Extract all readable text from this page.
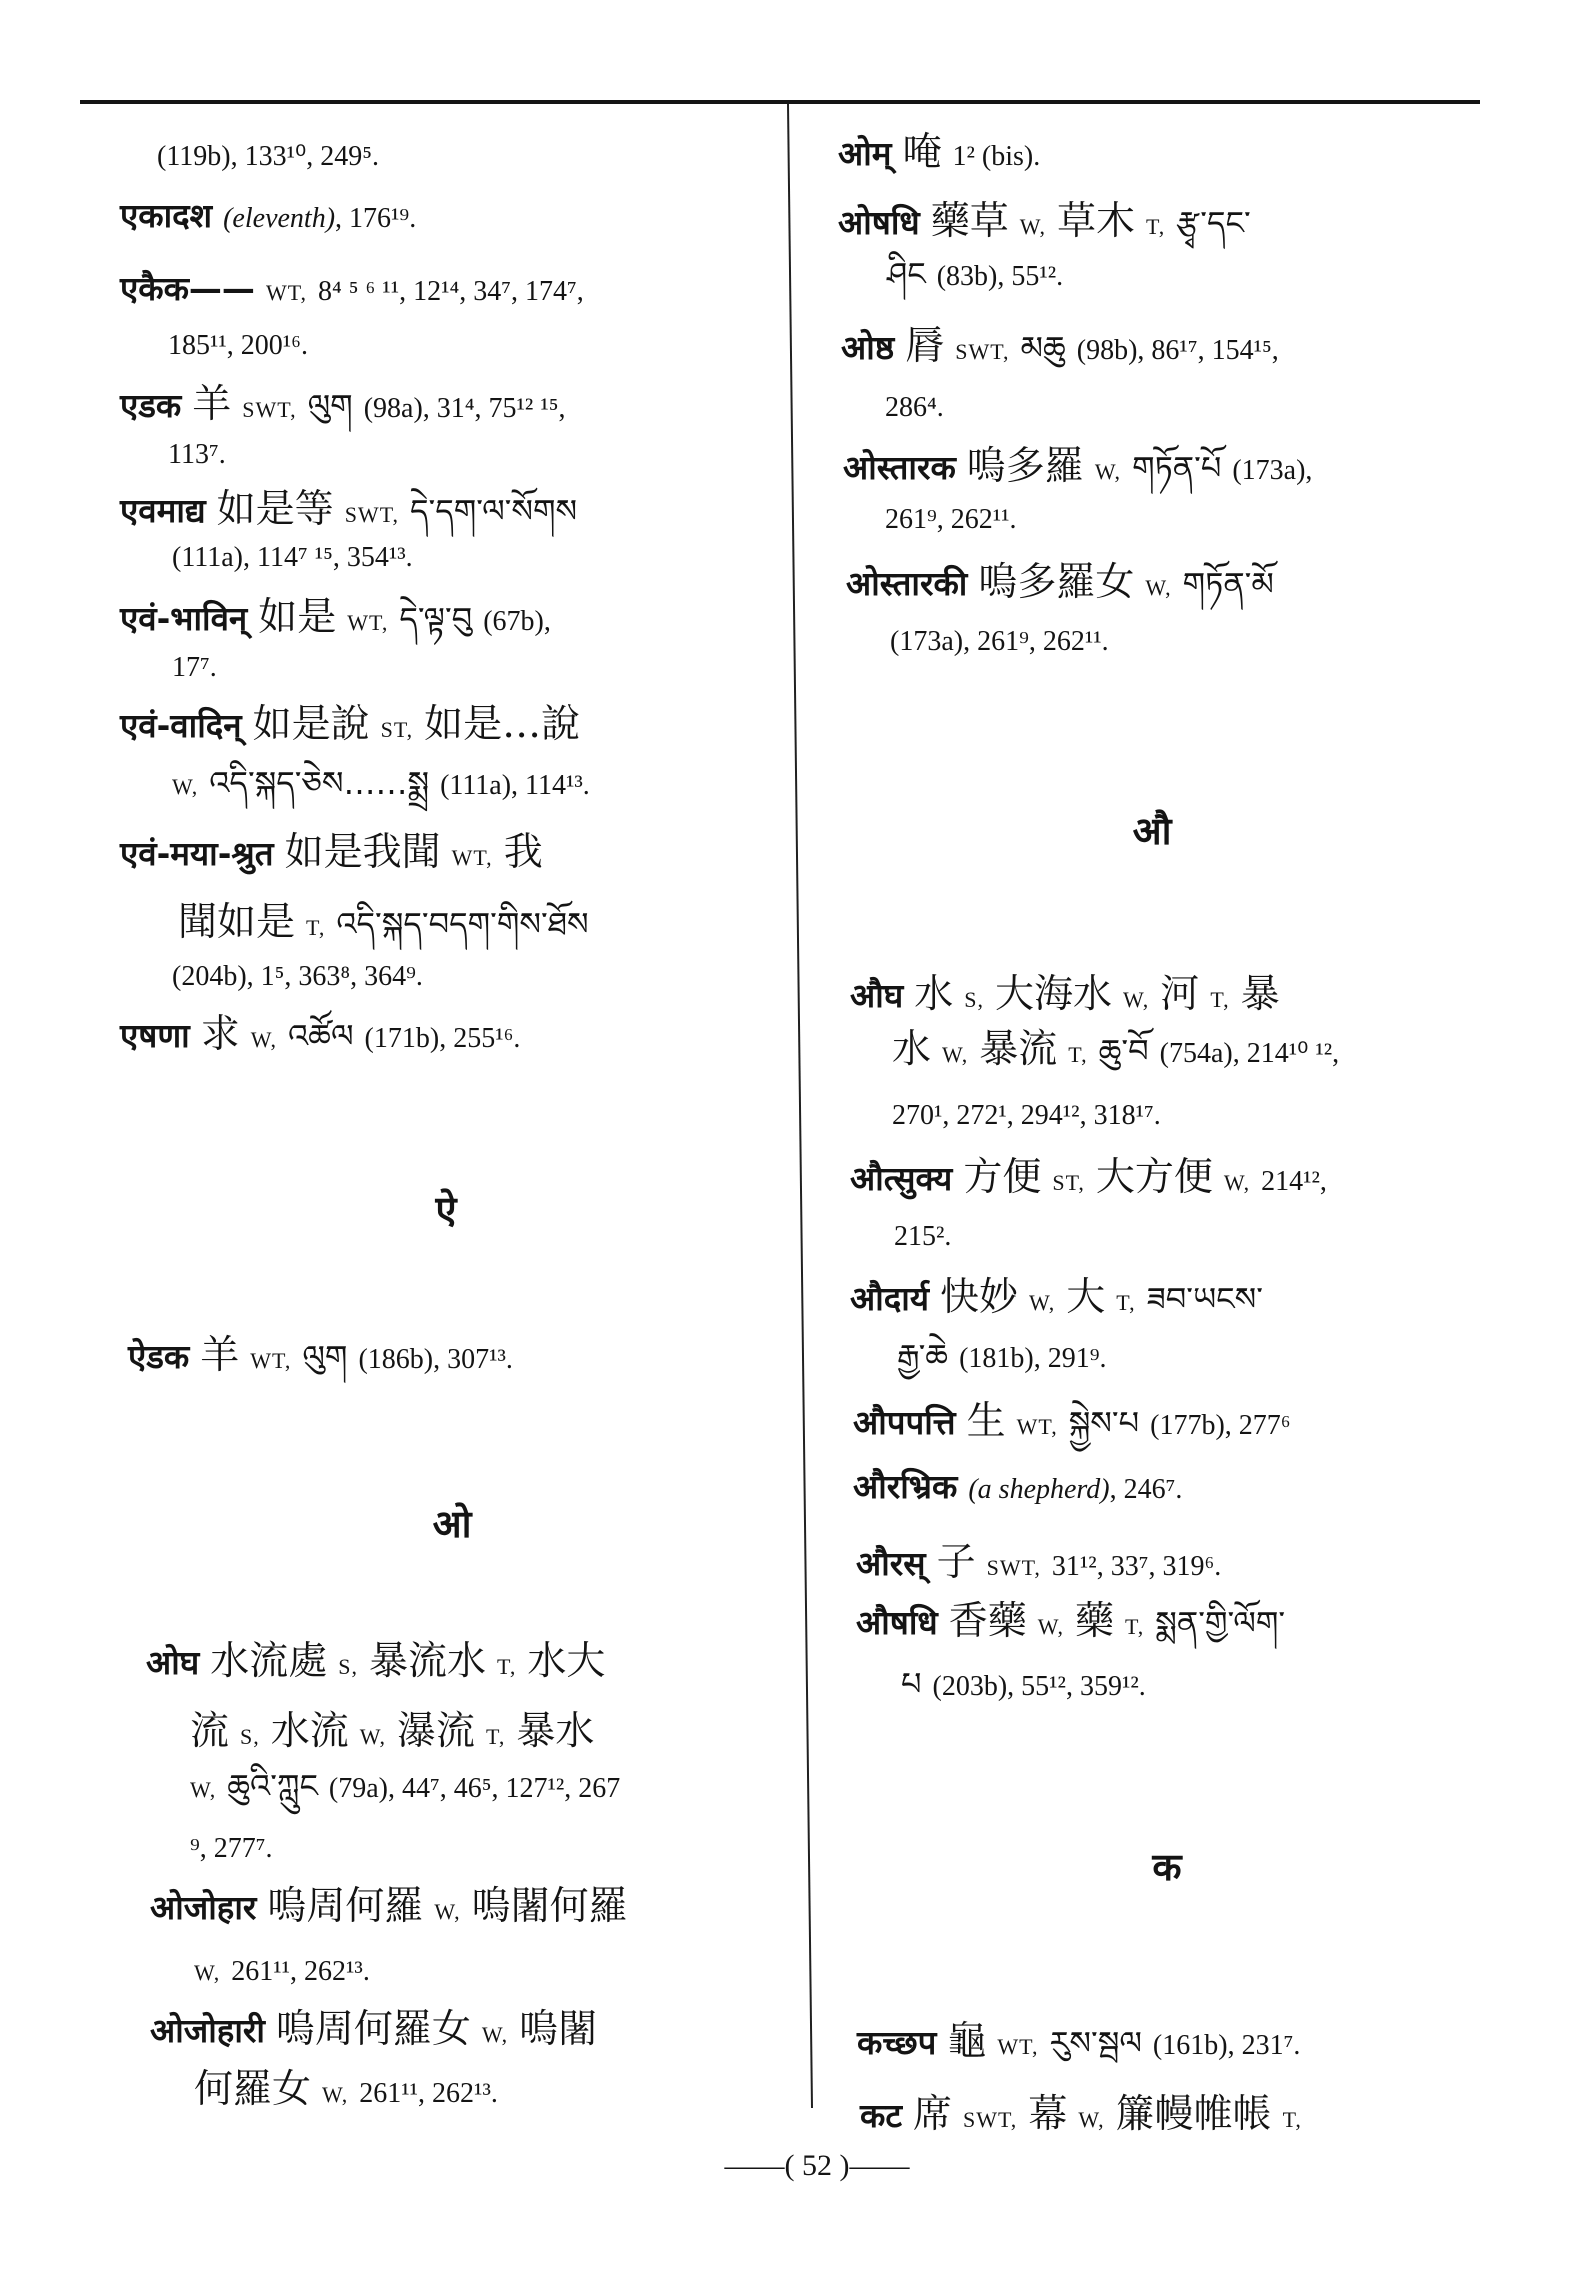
(119b), 133¹⁰, 249⁵.
एकादश (eleventh), 176¹⁹.
एकैक—— WT, 8⁴ ⁵ ⁶ ¹¹, 12¹⁴, 34⁷, 174⁷,
185¹¹, 200¹⁶.
एडक 羊 SWT, ལུག (98a), 31⁴, 75¹² ¹⁵,
113⁷.
एवमाद्य 如是等 SWT, དེ་དག་ལ་སོགས
(111a), 114⁷ ¹⁵, 354¹³.
एवं-भाविन् 如是 WT, དེ་ལྟ་བུ (67b),
17⁷.
एवं-वादिन् 如是說 ST, 如是…說
W, འདི་སྐད་ཅེས……སྨྲ (111a), 114¹³.
एवं-मया-श्रुत 如是我聞 WT, 我
聞如是 T, འདི་སྐད་བདག་གིས་ཐོས
(204b), 1⁵, 363⁸, 364⁹.
एषणा 求 W, འཚོལ (171b), 255¹⁶.
ऐ
ऐडक 羊 WT, ལུག (186b), 307¹³.
ओ
ओघ 水流處 S, 暴流水 T, 水大
流 S, 水流 W, 瀑流 T, 暴水
W, ཆུའི་ཀླུང (79a), 44⁷, 46⁵, 127¹², 267
⁹, 277⁷.
ओजोहार 嗚周何羅 W, 嗚闍何羅
W, 261¹¹, 262¹³.
ओजोहारी 嗚周何羅女 W, 嗚闍
何羅女 W, 261¹¹, 262¹³.
ओम् 唵 1² (bis).
ओषधि 藥草 W, 草木 T, རྩྭ་དང་
ཤིང (83b), 55¹².
ओष्ठ 脣 SWT, མཆུ (98b), 86¹⁷, 154¹⁵,
286⁴.
ओस्तारक 嗚多羅 W, གཏོན་པོ (173a),
261⁹, 262¹¹.
ओस्तारकी 嗚多羅女 W, གཏོན་མོ
(173a), 261⁹, 262¹¹.
औ
औघ 水 S, 大海水 W, 河 T, 暴
水 W, 暴流 T, ཆུ་བོ (754a), 214¹⁰ ¹²,
270¹, 272¹, 294¹², 318¹⁷.
औत्सुक्य 方便 ST, 大方便 W, 214¹²,
215².
औदार्य 快妙 W, 大 T, ཟབ་ཡངས་
རྒྱ་ཆེ (181b), 291⁹.
औपपत्ति 生 WT, སྐྱེས་པ (177b), 277⁶
औरभ्रिक (a shepherd), 246⁷.
औरस् 子 SWT, 31¹², 33⁷, 319⁶.
औषधि 香藥 W, 藥 T, སྨན་གྱི་ལོག་
པ (203b), 55¹², 359¹².
क
कच्छप 龜 WT, རུས་སྦལ (161b), 231⁷.
कट 席 SWT, 幕 W, 簾幔帷帳 T,
——( 52 )——
